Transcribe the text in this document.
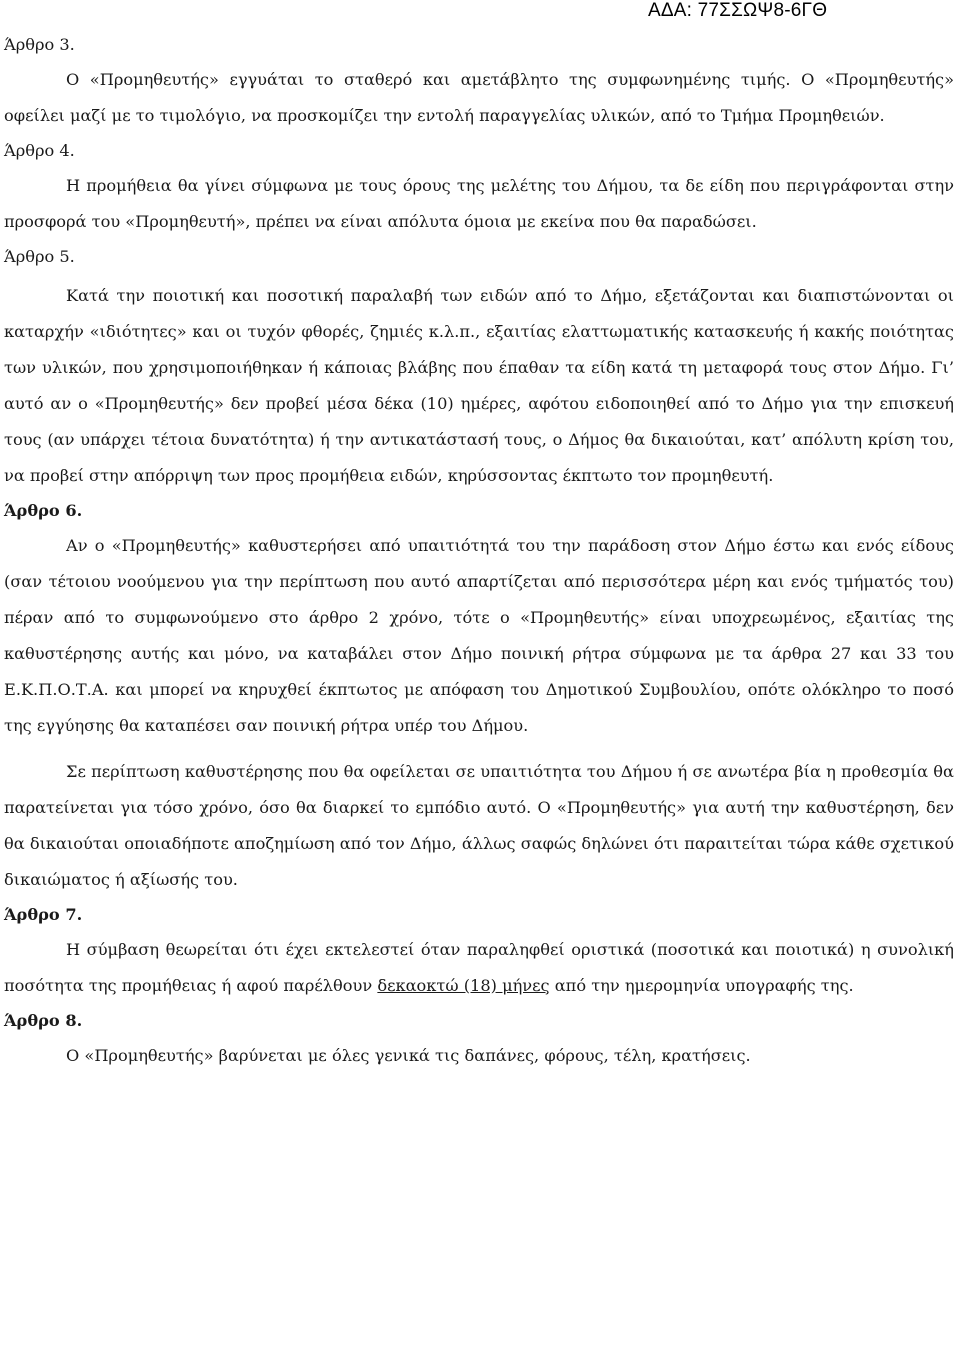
ΑΔΑ: 77ΣΣΩΨ8-6ΓΘ
Άρθρο 3.

Ο «Προμηθευτής» εγγυάται το σταθερό και αμετάβλητο της συμφωνημένης τιμής. Ο «Προμηθευτής» οφείλει μαζί με το τιμολόγιο, να προσκομίζει την εντολή παραγγελίας υλικών, από το Τμήμα Προμηθειών.

Άρθρο 4.

Η προμήθεια θα γίνει σύμφωνα με τους όρους της μελέτης του Δήμου, τα δε είδη που περιγράφονται στην προσφορά του «Προμηθευτή», πρέπει να είναι απόλυτα όμοια με εκείνα που θα παραδώσει.

Άρθρο 5.

Κατά την ποιοτική και ποσοτική παραλαβή των ειδών από το Δήμο, εξετάζονται και διαπιστώνονται οι καταρχήν «ιδιότητες» και οι τυχόν φθορές, ζημιές κ.λ.π., εξαιτίας ελαττωματικής κατασκευής ή κακής ποιότητας των υλικών, που χρησιμοποιήθηκαν ή κάποιας βλάβης που έπαθαν τα είδη κατά τη μεταφορά τους στον Δήμο. Γι’ αυτό αν ο «Προμηθευτής» δεν προβεί μέσα δέκα (10) ημέρες, αφότου ειδοποιηθεί από το Δήμο για την επισκευή τους (αν υπάρχει τέτοια δυνατότητα) ή την αντικατάστασή τους, ο Δήμος θα δικαιούται, κατ’ απόλυτη κρίση του, να προβεί στην απόρριψη των προς προμήθεια ειδών, κηρύσσοντας έκπτωτο τον προμηθευτή.

Άρθρο 6.

Αν ο «Προμηθευτής» καθυστερήσει από υπαιτιότητά του την παράδοση στον Δήμο έστω και ενός είδους (σαν τέτοιου νοούμενου για την περίπτωση που αυτό απαρτίζεται από περισσότερα μέρη και ενός τμήματός του) πέραν από το συμφωνούμενο στο άρθρο 2 χρόνο, τότε ο «Προμηθευτής» είναι υποχρεωμένος, εξαιτίας της καθυστέρησης αυτής και μόνο, να καταβάλει στον Δήμο ποινική ρήτρα σύμφωνα με τα άρθρα 27 και 33 του Ε.Κ.Π.Ο.Τ.Α. και μπορεί να κηρυχθεί έκπτωτος με απόφαση του Δημοτικού Συμβουλίου, οπότε ολόκληρο το ποσό της εγγύησης θα καταπέσει σαν ποινική ρήτρα υπέρ του Δήμου.

Σε περίπτωση καθυστέρησης που θα οφείλεται σε υπαιτιότητα του Δήμου ή σε ανωτέρα βία η προθεσμία θα παρατείνεται για τόσο χρόνο, όσο θα διαρκεί το εμπόδιο αυτό. Ο «Προμηθευτής» για αυτή την καθυστέρηση, δεν θα δικαιούται οποιαδήποτε αποζημίωση από τον Δήμο, άλλως σαφώς δηλώνει ότι παραιτείται τώρα κάθε σχετικού δικαιώματος ή αξίωσής του.

Άρθρο 7.

Η σύμβαση θεωρείται ότι έχει εκτελεστεί όταν παραληφθεί οριστικά (ποσοτικά και ποιοτικά) η συνολική ποσότητα της προμήθειας ή αφού παρέλθουν δεκαοκτώ (18) μήνες από την ημερομηνία υπογραφής της.

Άρθρο 8.

Ο «Προμηθευτής» βαρύνεται με όλες γενικά τις δαπάνες, φόρους, τέλη, κρατήσεις.
